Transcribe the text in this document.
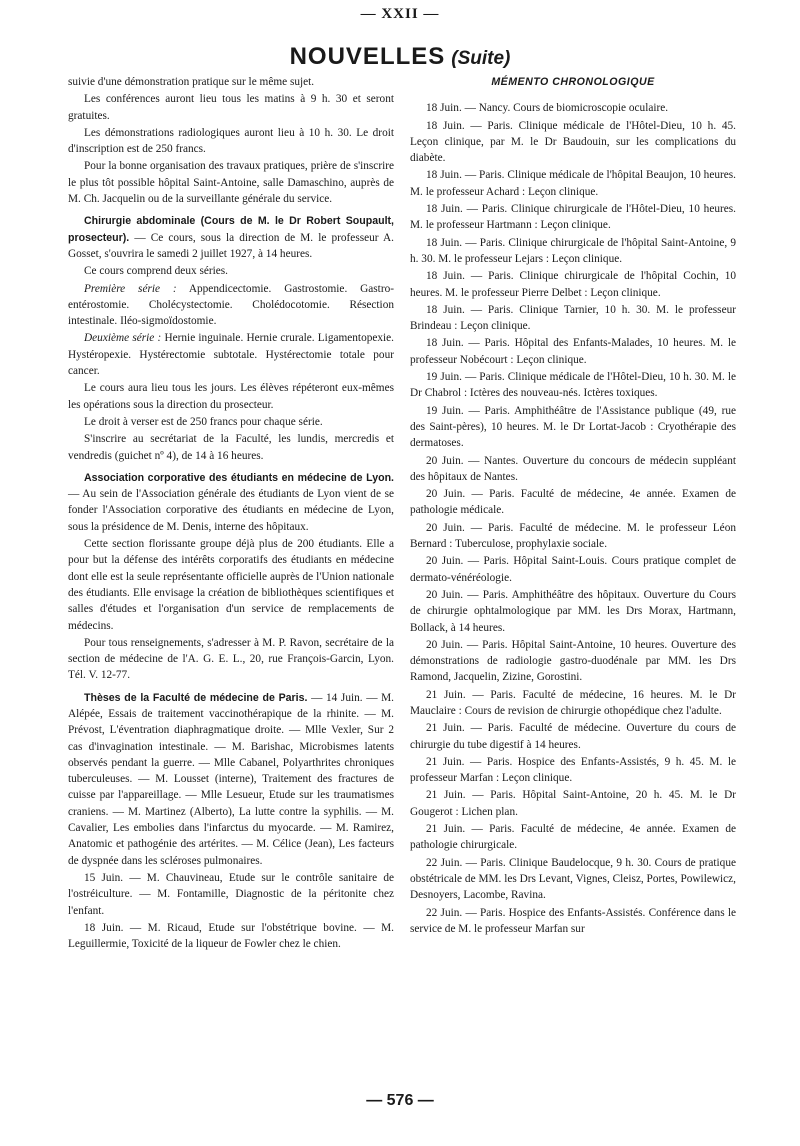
— XXII —
NOUVELLES (Suite)

suivie d'une démonstration pratique sur le même sujet.

Les conférences auront lieu tous les matins à 9 h. 30 et seront gratuites.

Les démonstrations radiologiques auront lieu à 10 h. 30. Le droit d'inscription est de 250 francs.

Pour la bonne organisation des travaux pratiques, prière de s'inscrire le plus tôt possible hôpital Saint-Antoine, salle Damaschino, auprès de M. Ch. Jacquelin ou de la surveillante générale du service.

Chirurgie abdominale (Cours de M. le Dr Robert Soupault, prosecteur). — Ce cours, sous la direction de M. le professeur A. Gosset, s'ouvrira le samedi 2 juillet 1927, à 14 heures.

Ce cours comprend deux séries.

Première série : Appendicectomie. Gastrostomie. Gastro-entérostomie. Cholécystectomie. Cholédocotomie. Résection intestinale. Iléo-sigmoïdostomie.

Deuxième série : Hernie inguinale. Hernie crurale. Ligamentopexie. Hystéropexie. Hystérectomie subtotale. Hystérectomie totale pour cancer.

Le cours aura lieu tous les jours. Les élèves répéteront eux-mêmes les opérations sous la direction du prosecteur.

Le droit à verser est de 250 francs pour chaque série.

S'inscrire au secrétariat de la Faculté, les lundis, mercredis et vendredis (guichet nº 4), de 14 à 16 heures.

Association corporative des étudiants en médecine de Lyon. — Au sein de l'Association générale des étudiants de Lyon vient de se fonder l'Association corporative des étudiants en médecine de Lyon, sous la présidence de M. Denis, interne des hôpitaux.

Cette section florissante groupe déjà plus de 200 étudiants. Elle a pour but la défense des intérêts corporatifs des étudiants en médecine dont elle est la seule représentante officielle auprès de l'Union nationale des étudiants. Elle envisage la création de bibliothèques scientifiques et salles d'études et l'organisation d'un service de remplacements de médecins.

Pour tous renseignements, s'adresser à M. P. Ravon, secrétaire de la section de médecine de l'A. G. E. L., 20, rue François-Garcin, Lyon. Tél. V. 12-77.

Thèses de la Faculté de médecine de Paris. — 14 Juin. — M. Alépée, Essais de traitement vaccinothérapique de la rhinite. — M. Prévost, L'éventration diaphragmatique droite. — Mlle Vexler, Sur 2 cas d'invagination intestinale. — M. Barishac, Microbismes latents observés pendant la guerre. — Mlle Cabanel, Polyarthrites chroniques tuberculeuses. — M. Lousset (interne), Traitement des fractures de cuisse par l'appareillage. — Mlle Lesueur, Etude sur les traumatismes craniens. — M. Martinez (Alberto), La lutte contre la syphilis. — M. Cavalier, Les embolies dans l'infarctus du myocarde. — M. Ramirez, Anatomic et pathogénie des artérites. — M. Célice (Jean), Les facteurs de dyspnée dans les scléroses pulmonaires.

15 Juin. — M. Chauvineau, Etude sur le contrôle sanitaire de l'ostréiculture. — M. Fontamille, Diagnostic de la péritonite chez l'enfant.

18 Juin. — M. Ricaud, Etude sur l'obstétrique bovine. — M. Leguillermie, Toxicité de la liqueur de Fowler chez le chien.

MÉMENTO CHRONOLOGIQUE

18 Juin. — Nancy. Cours de biomicroscopie oculaire.

18 Juin. — Paris. Clinique médicale de l'Hôtel-Dieu, 10 h. 45. Leçon clinique, par M. le Dr Baudouin, sur les complications du diabète.

18 Juin. — Paris. Clinique médicale de l'hôpital Beaujon, 10 heures. M. le professeur Achard : Leçon clinique.

18 Juin. — Paris. Clinique chirurgicale de l'Hôtel-Dieu, 10 heures. M. le professeur Hartmann : Leçon clinique.

18 Juin. — Paris. Clinique chirurgicale de l'hôpital Saint-Antoine, 9 h. 30. M. le professeur Lejars : Leçon clinique.

18 Juin. — Paris. Clinique chirurgicale de l'hôpital Cochin, 10 heures. M. le professeur Pierre Delbet : Leçon clinique.

18 Juin. — Paris. Clinique Tarnier, 10 h. 30. M. le professeur Brindeau : Leçon clinique.

18 Juin. — Paris. Hôpital des Enfants-Malades, 10 heures. M. le professeur Nobécourt : Leçon clinique.

19 Juin. — Paris. Clinique médicale de l'Hôtel-Dieu, 10 h. 30. M. le Dr Chabrol : Ictères des nouveau-nés. Ictères toxiques.

19 Juin. — Paris. Amphithéâtre de l'Assistance publique (49, rue des Saint-pères), 10 heures. M. le Dr Lortat-Jacob : Cryothérapie des dermatoses.

20 Juin. — Nantes. Ouverture du concours de médecin suppléant des hôpitaux de Nantes.

20 Juin. — Paris. Faculté de médecine, 4e année. Examen de pathologie médicale.

20 Juin. — Paris. Faculté de médecine. M. le professeur Léon Bernard : Tuberculose, prophylaxie sociale.

20 Juin. — Paris. Hôpital Saint-Louis. Cours pratique complet de dermato-vénéréologie.

20 Juin. — Paris. Amphithéâtre des hôpitaux. Ouverture du Cours de chirurgie ophtalmologique par MM. les Drs Morax, Hartmann, Bollack, à 14 heures.

20 Juin. — Paris. Hôpital Saint-Antoine, 10 heures. Ouverture des démonstrations de radiologie gastro-duodénale par MM. les Drs Ramond, Jacquelin, Zizine, Gorostini.

21 Juin. — Paris. Faculté de médecine, 16 heures. M. le Dr Mauclaire : Cours de revision de chirurgie othopédique chez l'adulte.

21 Juin. — Paris. Faculté de médecine. Ouverture du cours de chirurgie du tube digestif à 14 heures.

21 Juin. — Paris. Hospice des Enfants-Assistés, 9 h. 45. M. le professeur Marfan : Leçon clinique.

21 Juin. — Paris. Hôpital Saint-Antoine, 20 h. 45. M. le Dr Gougerot : Lichen plan.

21 Juin. — Paris. Faculté de médecine, 4e année. Examen de pathologie chirurgicale.

22 Juin. — Paris. Clinique Baudelocque, 9 h. 30. Cours de pratique obstétricale de MM. les Drs Levant, Vignes, Cleisz, Portes, Powilewicz, Desnoyers, Lacombe, Ravina.

22 Juin. — Paris. Hospice des Enfants-Assistés. Conférence dans le service de M. le professeur Marfan sur

— 576 —
